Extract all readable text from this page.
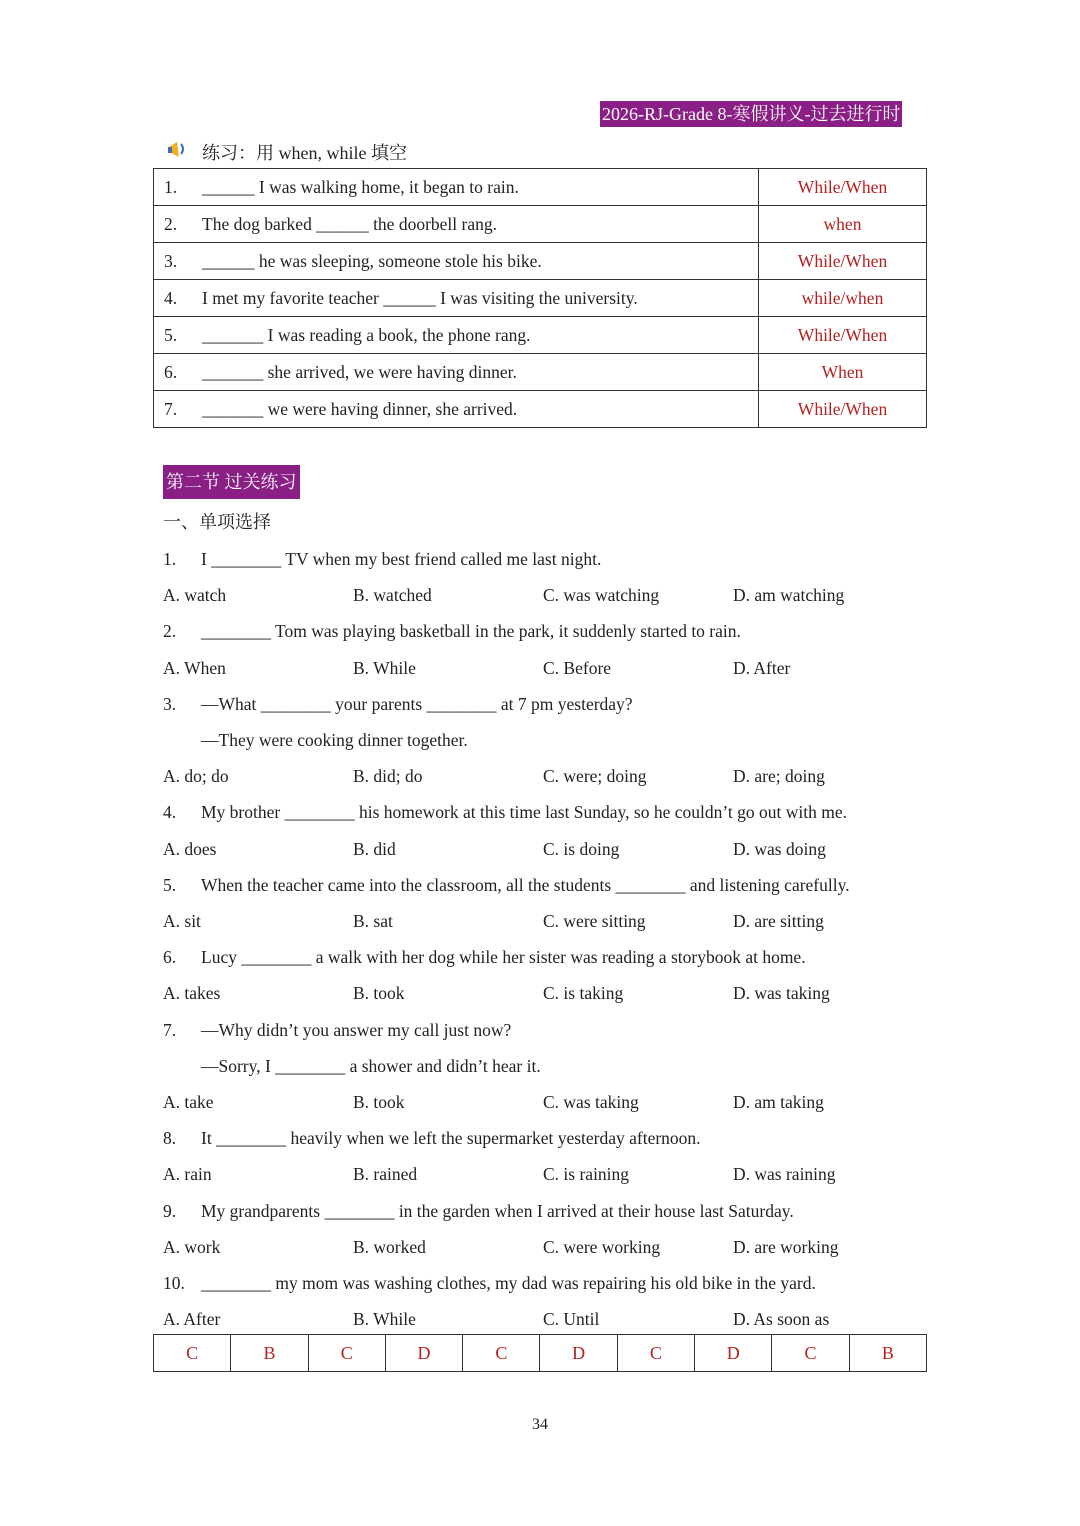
2026-RJ-Grade 8-寒假讲义-过去进行时
练习：用 when, while 填空
1. ______ I was walking home, it began to rain.	While/When
2. The dog barked ______ the doorbell rang.	when
3. ______ he was sleeping, someone stole his bike.	While/When
4. I met my favorite teacher ______ I was visiting the university.	while/when
5. _______ I was reading a book, the phone rang.	While/When
6. _______ she arrived, we were having dinner.	When
7. _______ we were having dinner, she arrived.	While/When
第二节 过关练习
一、单项选择
1. I ________ TV when my best friend called me last night.
A. watch	B. watched	C. was watching	D. am watching
2. ________ Tom was playing basketball in the park, it suddenly started to rain.
A. When	B. While	C. Before	D. After
3. —What ________ your parents ________ at 7 pm yesterday?
—They were cooking dinner together.
A. do; do	B. did; do	C. were; doing	D. are; doing
4. My brother ________ his homework at this time last Sunday, so he couldn’t go out with me.
A. does	B. did	C. is doing	D. was doing
5. When the teacher came into the classroom, all the students ________ and listening carefully.
A. sit	B. sat	C. were sitting	D. are sitting
6. Lucy ________ a walk with her dog while her sister was reading a storybook at home.
A. takes	B. took	C. is taking	D. was taking
7. —Why didn’t you answer my call just now?
—Sorry, I ________ a shower and didn’t hear it.
A. take	B. took	C. was taking	D. am taking
8. It ________ heavily when we left the supermarket yesterday afternoon.
A. rain	B. rained	C. is raining	D. was raining
9. My grandparents ________ in the garden when I arrived at their house last Saturday.
A. work	B. worked	C. were working	D. are working
10. ________ my mom was washing clothes, my dad was repairing his old bike in the yard.
A. After	B. While	C. Until	D. As soon as
C	B	C	D	C	D	C	D	C	B
34
